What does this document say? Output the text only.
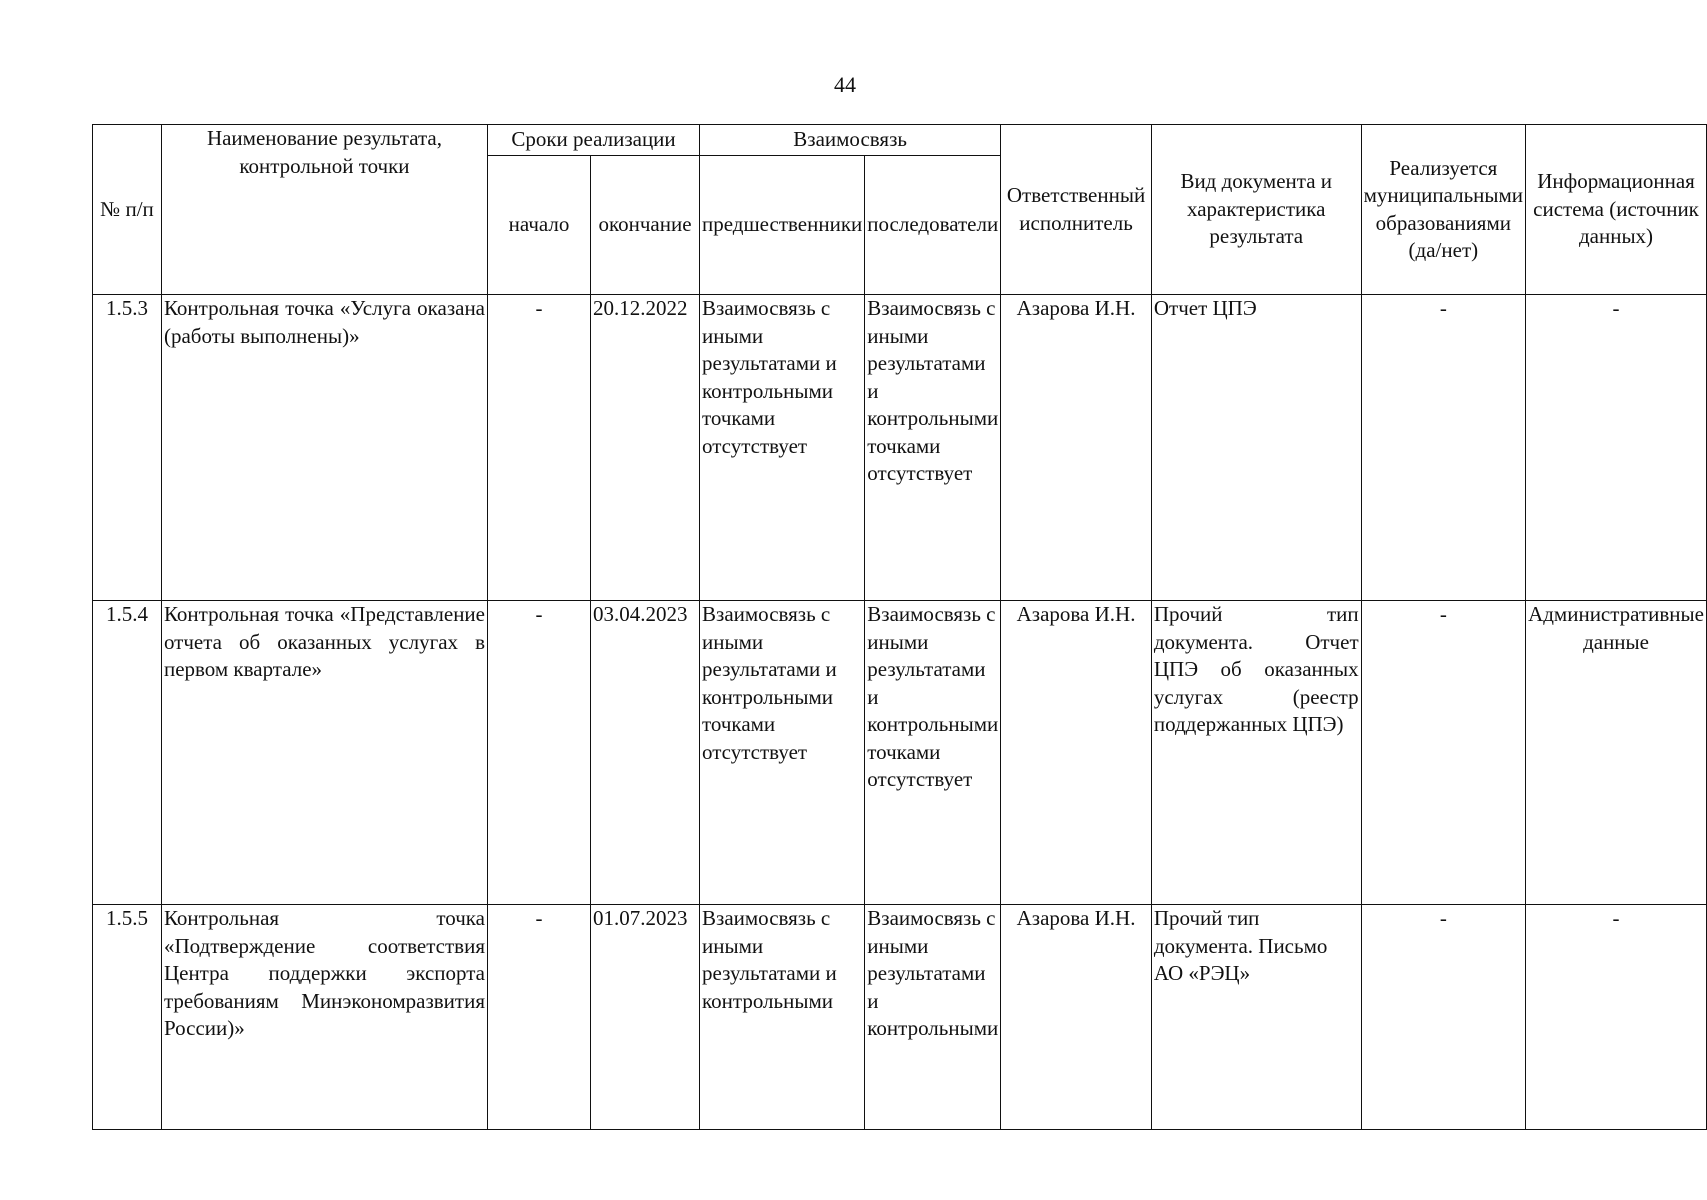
44
№ п/п	Наименование результата, контрольной точки	Сроки реализации		Взаимосвязь		Ответственный исполнитель	Вид документа и характеристика результата	Реализуется муниципальными образованиями (да/нет)	Информационная система (источник данных)
		начало	окончание	предшественники	последователи				
1.5.3	Контрольная точка «Услуга оказана (работы выполнены)»	-	20.12.2022	Взаимосвязь с иными результатами и контрольными точками отсутствует	Взаимосвязь с иными результатами и контрольными точками отсутствует	Азарова И.Н.	Отчет ЦПЭ	-	-
1.5.4	Контрольная точка «Представление отчета об оказанных услугах в первом квартале»	-	03.04.2023	Взаимосвязь с иными результатами и контрольными точками отсутствует	Взаимосвязь с иными результатами и контрольными точками отсутствует	Азарова И.Н.	Прочий тип документа. Отчет ЦПЭ об оказанных услугах (реестр поддержанных ЦПЭ)	-	Административные данные
1.5.5	Контрольная точка «Подтверждение соответствия Центра поддержки экспорта требованиям Минэкономразвития России)»	-	01.07.2023	Взаимосвязь с иными результатами и контрольными	Взаимосвязь с иными результатами и контрольными	Азарова И.Н.	Прочий тип документа. Письмо АО «РЭЦ»	-	-
